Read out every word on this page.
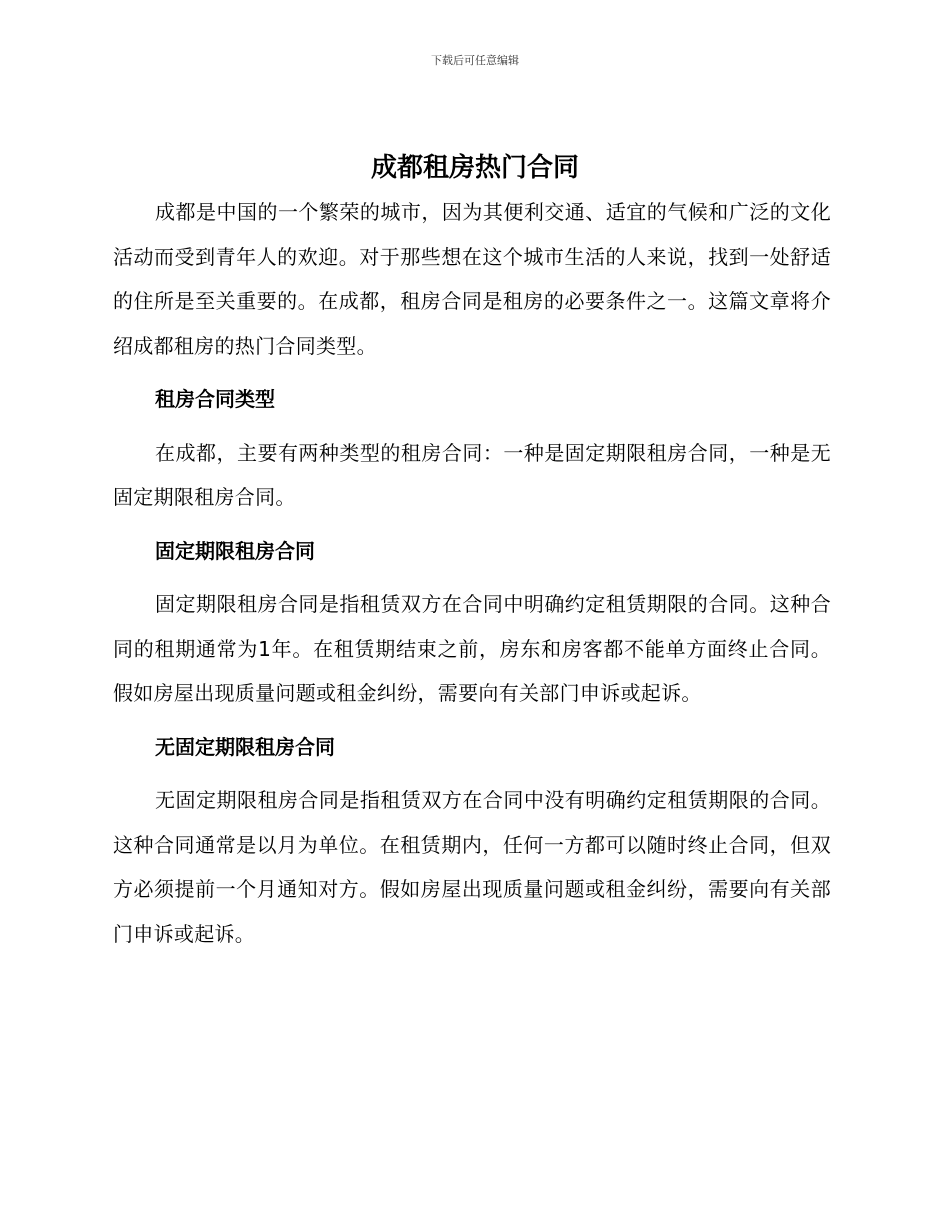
下载后可任意编辑
成都租房热门合同

成都是中国的一个繁荣的城市，因为其便利交通、适宜的气候和广泛的文化活动而受到青年人的欢迎。对于那些想在这个城市生活的人来说，找到一处舒适的住所是至关重要的。在成都，租房合同是租房的必要条件之一。这篇文章将介绍成都租房的热门合同类型。

租房合同类型

在成都，主要有两种类型的租房合同：一种是固定期限租房合同，一种是无固定期限租房合同。

固定期限租房合同

固定期限租房合同是指租赁双方在合同中明确约定租赁期限的合同。这种合同的租期通常为1年。在租赁期结束之前，房东和房客都不能单方面终止合同。假如房屋出现质量问题或租金纠纷，需要向有关部门申诉或起诉。

无固定期限租房合同

无固定期限租房合同是指租赁双方在合同中没有明确约定租赁期限的合同。这种合同通常是以月为单位。在租赁期内，任何一方都可以随时终止合同，但双方必须提前一个月通知对方。假如房屋出现质量问题或租金纠纷，需要向有关部门申诉或起诉。
